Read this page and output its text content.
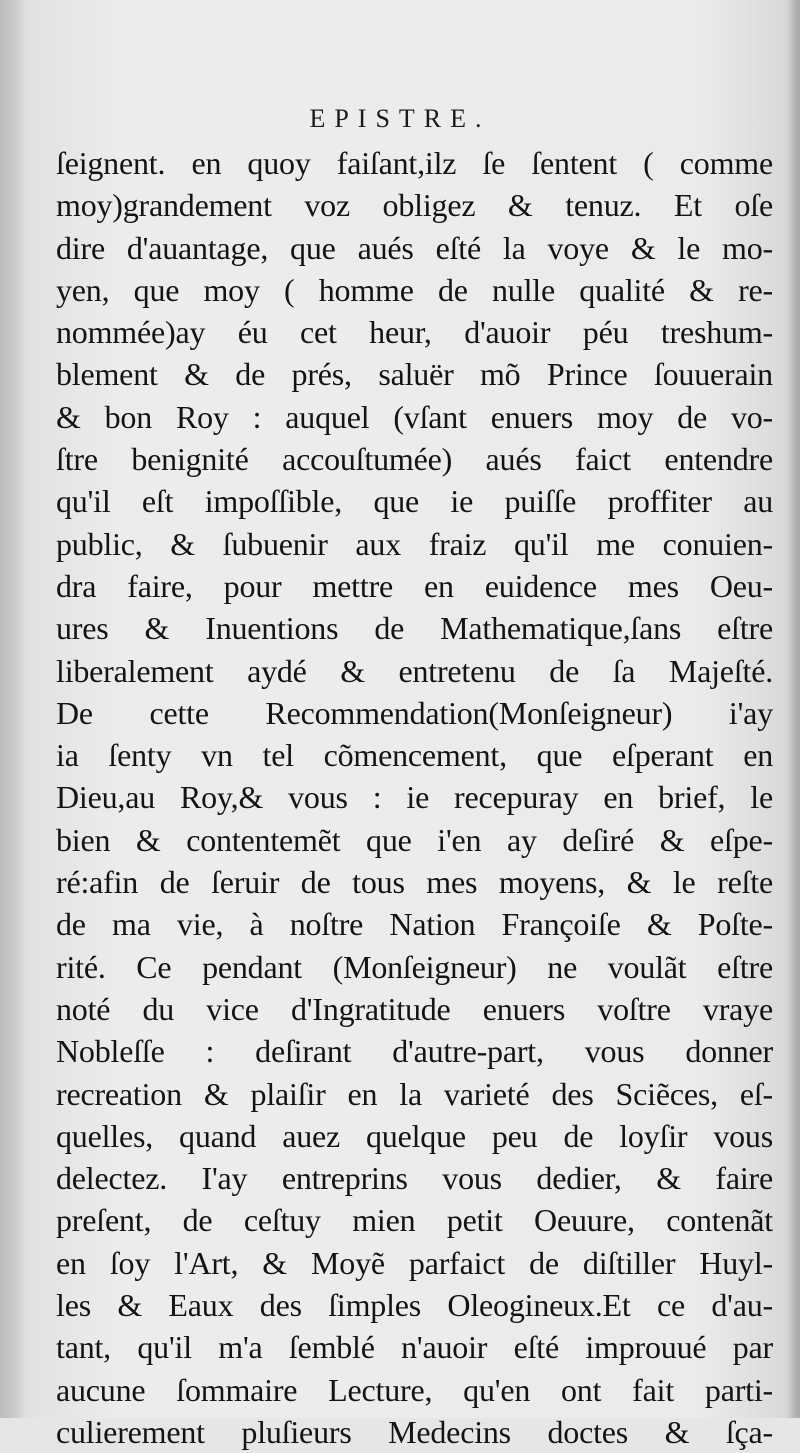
EPISTRE.
ſeignent. en quoy faiſant,ilz ſe ſentent ( comme
moy)grandement voz obligez & tenuz. Et oſe
dire d'auantage, que aués eſté la voye & le mo-
yen, que moy ( homme de nulle qualité & re-
nommée)ay éu cet heur, d'auoir péu treshum-
blement & de prés, saluër mõ Prince ſouuerain
& bon Roy : auquel (vſant enuers moy de vo-
ſtre benignité accouſtumée) aués faict entendre
qu'il eſt impoſſible, que ie puiſſe proffiter au
public, & ſubuenir aux fraiz qu'il me conuien-
dra faire, pour mettre en euidence mes Oeu-
ures & Inuentions de Mathematique,ſans eſtre
liberalement aydé & entretenu de ſa Majeſté.
De cette Recommendation(Monſeigneur) i'ay
ia ſenty vn tel cõmencement, que eſperant en
Dieu,au Roy,& vous : ie recepuray en brief, le
bien & contentemẽt que i'en ay deſiré & eſpe-
ré:afin de ſeruir de tous mes moyens, & le reſte
de ma vie, à noſtre Nation Françoiſe & Poſte-
rité. Ce pendant (Monſeigneur) ne voulãt eſtre
noté du vice d'Ingratitude enuers voſtre vraye
Nobleſſe : deſirant d'autre-part, vous donner
recreation & plaiſir en la varieté des Sciẽces, eſ-
quelles, quand auez quelque peu de loyſir vous
delectez. I'ay entreprins vous dedier, & faire
preſent, de ceſtuy mien petit Oeuure, contenãt
en ſoy l'Art, & Moyẽ parfaict de diſtiller Huyl-
les & Eaux des ſimples Oleogineux.Et ce d'au-
tant, qu'il m'a ſemblé n'auoir eſté improuué par
aucune ſommaire Lecture, qu'en ont fait parti-
culierement pluſieurs Medecins doctes & ſça-
